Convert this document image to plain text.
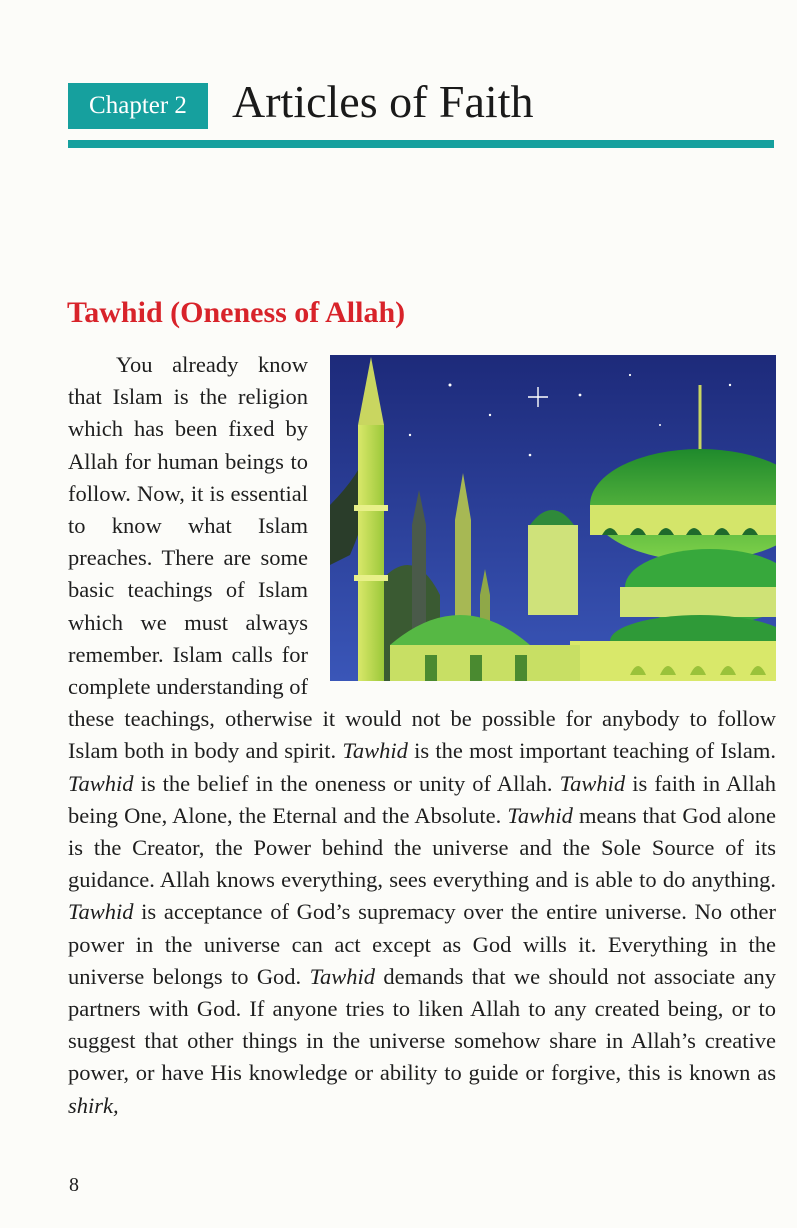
Chapter 2 Articles of Faith
Tawhid (Oneness of Allah)
You already know that Islam is the religion which has been fixed by Allah for human beings to follow. Now, it is essential to know what Islam preaches. There are some basic teachings of Islam which we must always remember. Islam calls for complete understanding of these teachings, otherwise it would not be possible for anybody to follow Islam both in body and spirit. Tawhid is the most important teaching of Islam. Tawhid is the belief in the oneness or unity of Allah. Tawhid is faith in Allah being One, Alone, the Eternal and the Absolute. Tawhid means that God alone is the Creator, the Power behind the universe and the Sole Source of its guidance. Allah knows everything, sees everything and is able to do anything. Tawhid is acceptance of God’s supremacy over the entire universe. No other power in the universe can act except as God wills it. Everything in the universe belongs to God. Tawhid demands that we should not associate any partners with God. If anyone tries to liken Allah to any created being, or to suggest that other things in the universe somehow share in Allah’s creative power, or have His knowledge or ability to guide or forgive, this is known as shirk,
8
